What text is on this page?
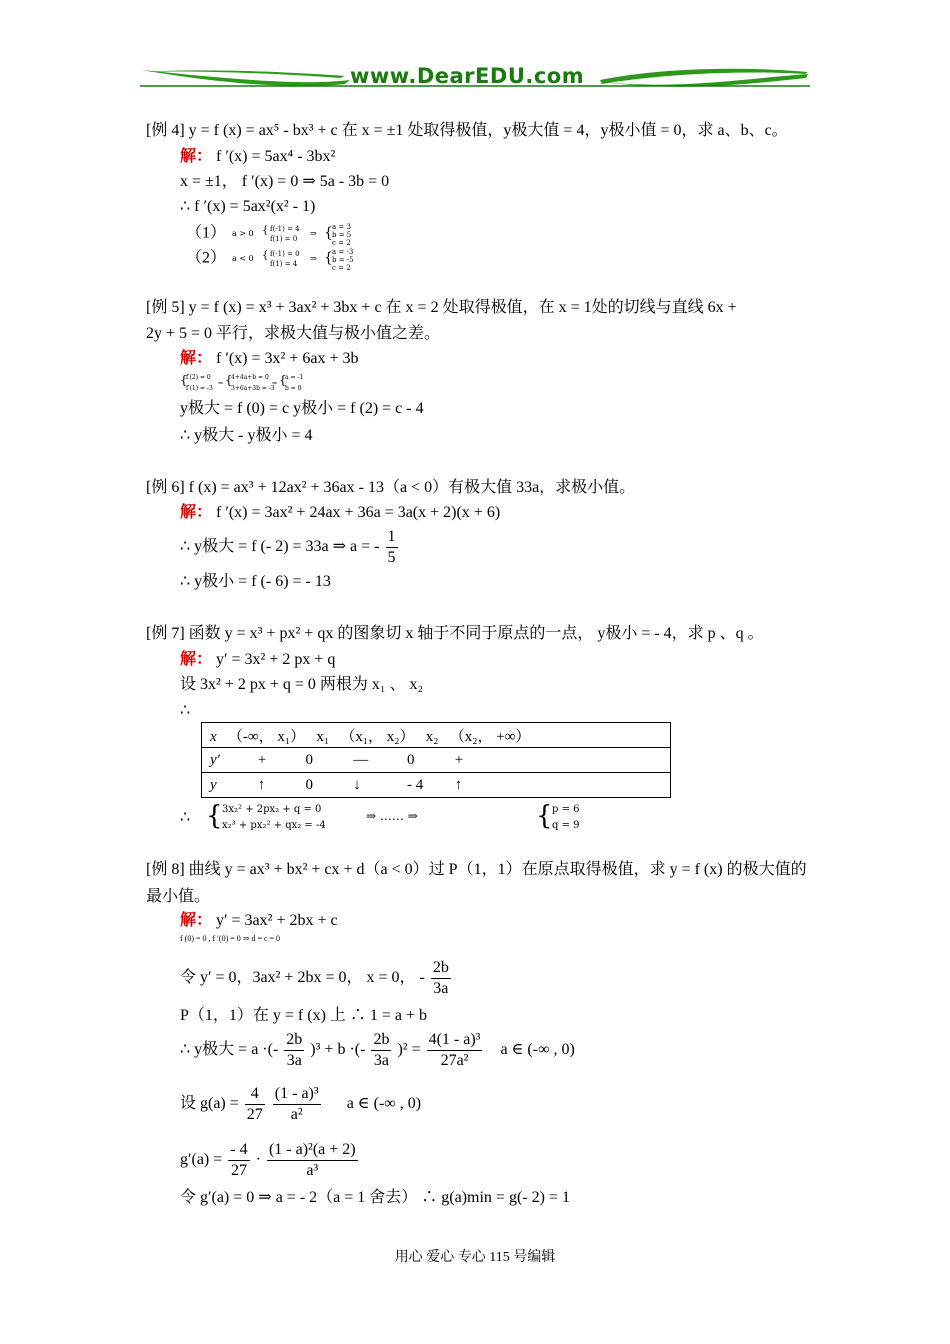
www.DearEDU.com
[例 4] y = f (x) = ax⁵ - bx³ + c 在 x = ±1 处取得极值，y极大值 = 4，y极小值 = 0，求 a、b、c。
解： f ′(x) = 5ax⁴ - 3bx²
x = ±1， f ′(x) = 0 ⇒ 5a - 3b = 0
∴ f ′(x) = 5ax²(x² - 1)
（1） a > 0 { f(-1) = 4
f(1) = 0
⇒ { a = 3
b = 5
c = 2
（2） a < 0 { f(-1) = 0
f(1) = 4
⇒ { a = -3
b = -5
c = 2
[例 5] y = f (x) = x³ + 3ax² + 3bx + c 在 x = 2 处取得极值，在 x = 1处的切线与直线 6x +
2y + 5 = 0 平行，求极大值与极小值之差。
解： f ′(x) = 3x² + 6ax + 3b
{
f′(2) = 0
f′(1) = -3
⇒ {
4+4a+b = 0
3+6a+3b = -3
⇒ {
a = -1
b = 0
y极大 = f (0) = c y极小 = f (2) = c - 4
∴ y极大 - y极小 = 4
[例 6] f (x) = ax³ + 12ax² + 36ax - 13（a < 0）有极大值 33a，求极小值。
解： f ′(x) = 3ax² + 24ax + 36a = 3a(x + 2)(x + 6)
∴ y极大 = f (- 2) = 33a ⇒ a = - $\frac{1}{5}$
∴ y极小 = f (- 6) = - 13
[例 7] 函数 y = x³ + px² + qx 的图象切 x 轴于不同于原点的一点， y极小 = - 4，求 p 、q 。
解： y′ = 3x² + 2 px + q
设 3x² + 2 px + q = 0 两根为 x₁ 、 x₂
∴
x （-∞， x₁） x₁ （x₁， x₂） x₂ （x₂， +∞）
y′	+	0	—	0	+
y	↑	0	↓	- 4 ↑
∴ { 3x₂² + 2px₂ + q = 0
x₂³ + px₂² + qx₂ = -4
⇒ …… ⇒	{ p = 6
q = 9
[例 8] 曲线 y = ax³ + bx² + cx + d（a < 0）过 P（1，1）在原点取得极值，求 y = f (x) 的极大值的
最小值。
解： y′ = 3ax² + 2bx + c
f (0) = 0 , f ′(0) = 0 ⇒ d = c = 0
令 y′ = 0，3ax² + 2bx = 0， x = 0， - $\frac{2b}{3a}$
P（1，1）在 y = f (x) 上 ∴ 1 = a + b
∴ y极大 = a ·(- $\frac{2b}{3a} )^3 + b$ ·(- $\frac{2b}{3a} )^2 = \frac{\text{4(1 - a)³}}{\text{27a²}}$ a ∈ (-∞ , 0)
设 $g(a) = \frac{4}{27}$
$\frac{\text{(1 - a)³}}{\text{a²}}$ a ∈ (-∞ , 0)
$g'(a) = \frac{- 4}{27} \cdot \frac{\text{(1 - a)²(a + 2)}}{\text{a³}}$
令 g′(a) = 0 ⇒ a = - 2（a = 1 舍去） ∴ g(a)min = g(- 2) = 1
用心 爱心 专心 115 号编辑
